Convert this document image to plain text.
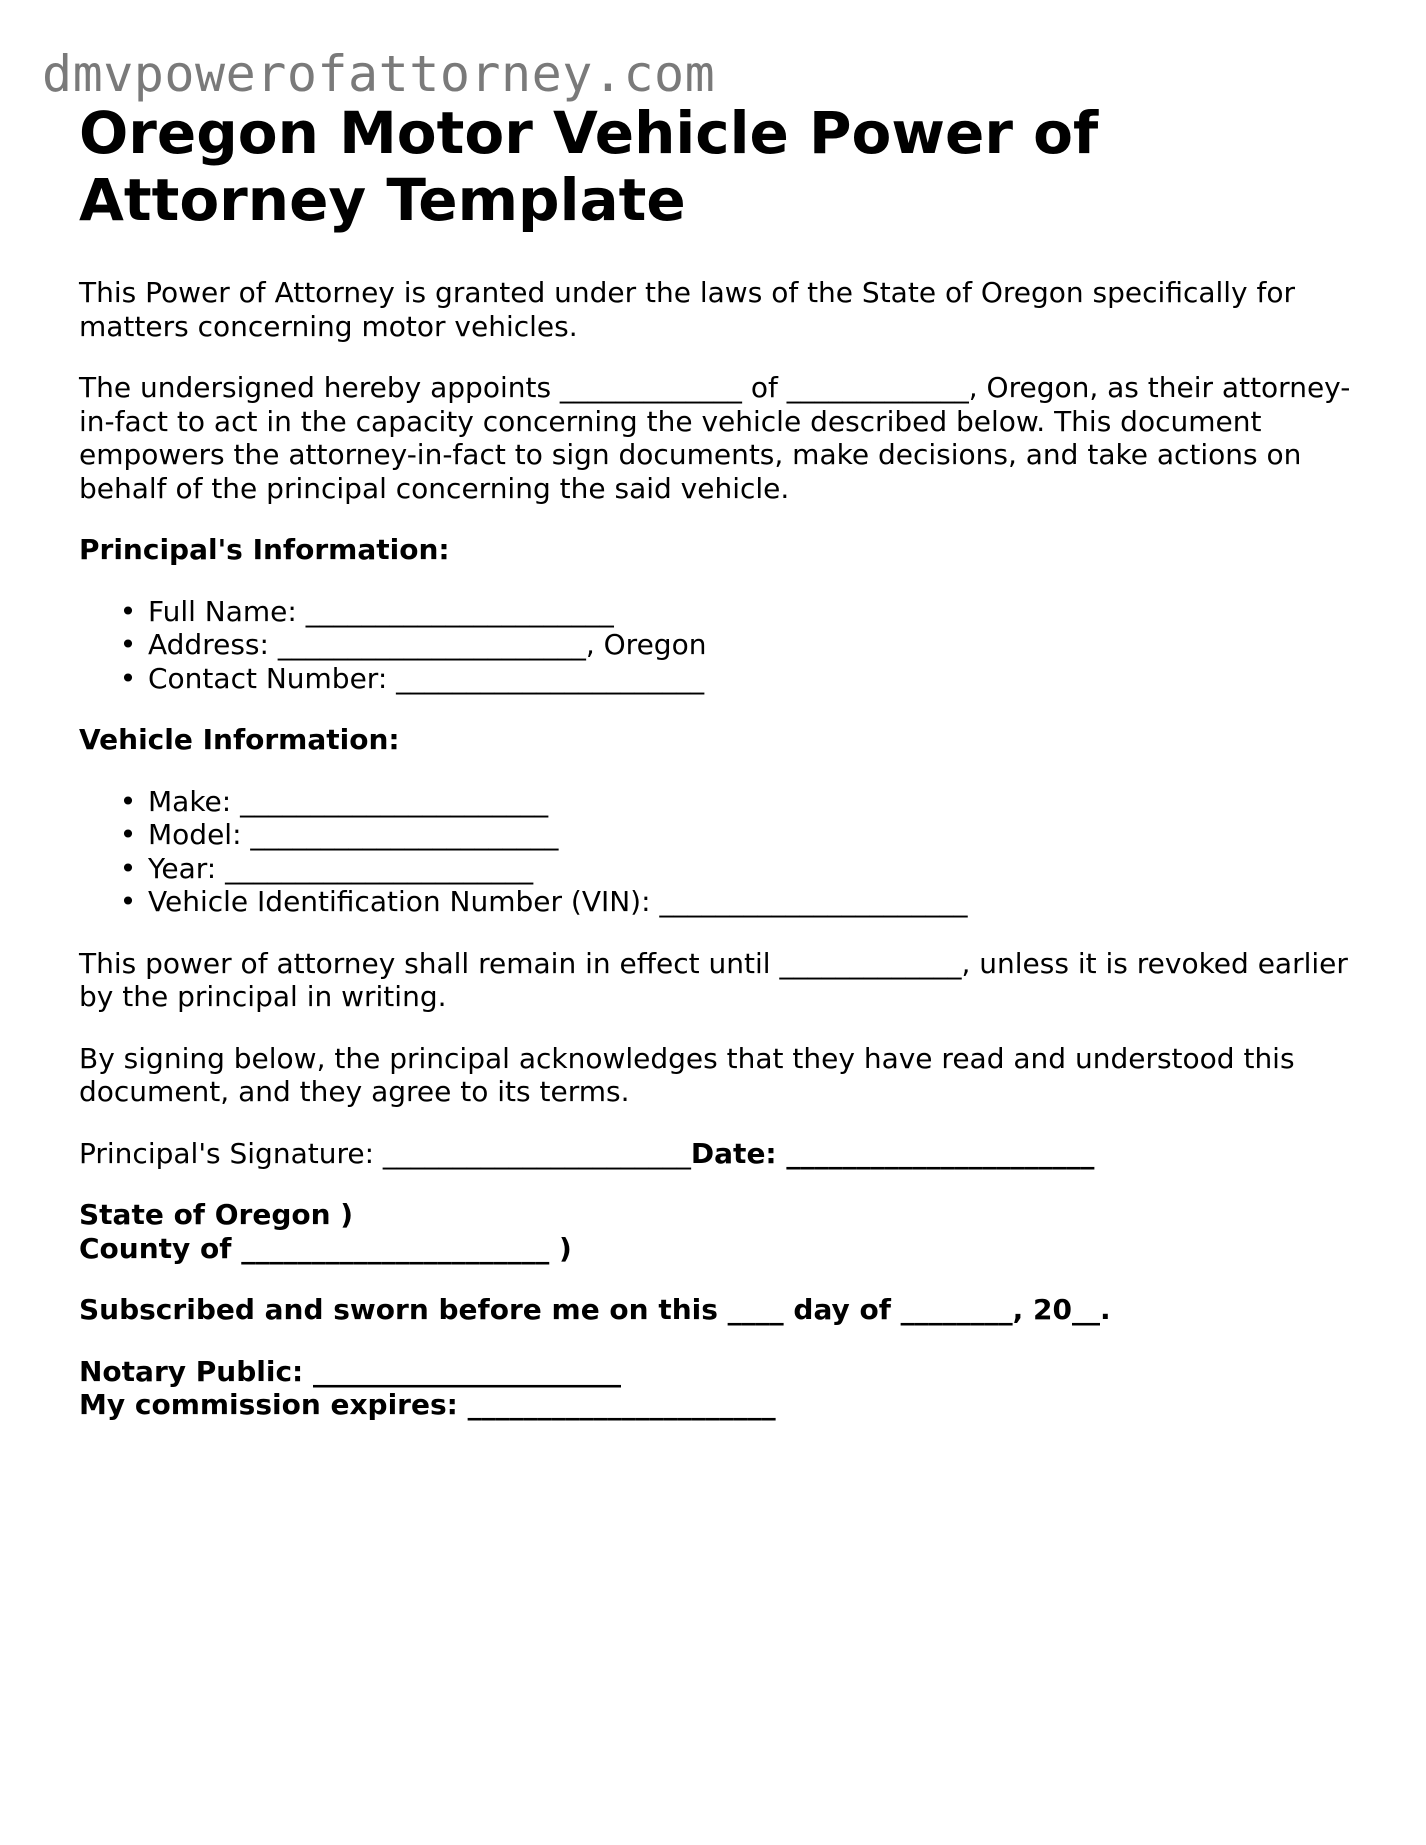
dmvpowerofattorney.com
Oregon Motor Vehicle Power of Attorney Template

This Power of Attorney is granted under the laws of the State of Oregon specifically for matters concerning motor vehicles.

The undersigned hereby appoints _____________ of _____________, Oregon, as their attorney-in-fact to act in the capacity concerning the vehicle described below. This document empowers the attorney-in-fact to sign documents, make decisions, and take actions on behalf of the principal concerning the said vehicle.

Principal's Information:

• Full Name: ______________________
• Address: ______________________, Oregon
• Contact Number: ______________________

Vehicle Information:

• Make: ______________________
• Model: ______________________
• Year: ______________________
• Vehicle Identification Number (VIN): ______________________

This power of attorney shall remain in effect until _____________, unless it is revoked earlier by the principal in writing.

By signing below, the principal acknowledges that they have read and understood this document, and they agree to its terms.

Principal's Signature: ______________________Date: ______________________

State of Oregon )

County of ______________________ )

Subscribed and sworn before me on this ____ day of ________, 20__.

Notary Public: ______________________

My commission expires: ______________________
